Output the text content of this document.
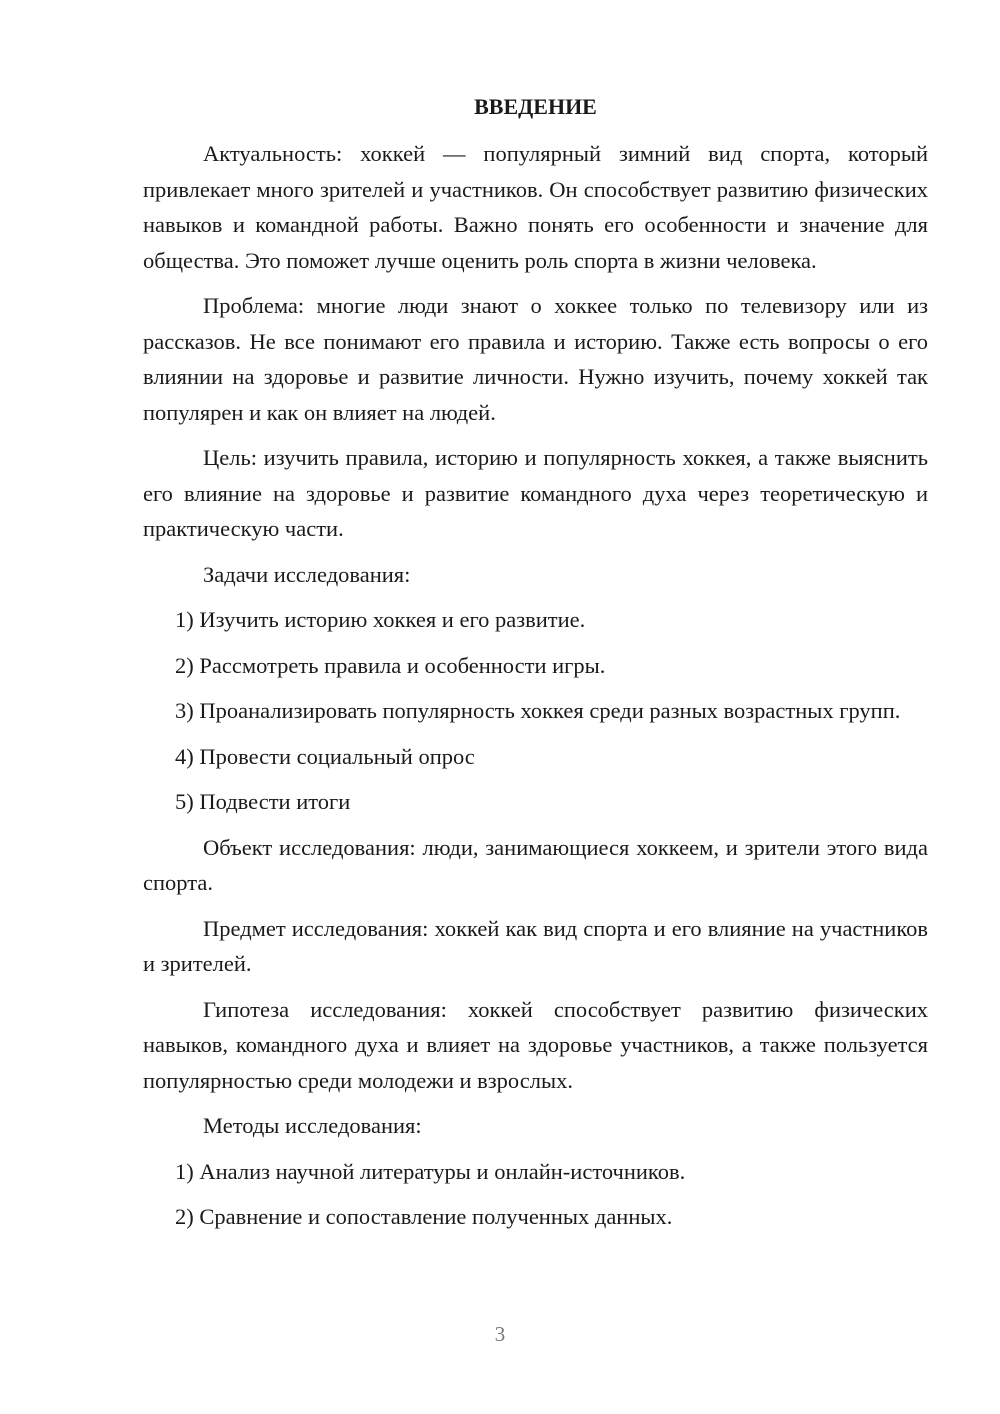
ВВЕДЕНИЕ

Актуальность: хоккей — популярный зимний вид спорта, который привлекает много зрителей и участников. Он способствует развитию физических навыков и командной работы. Важно понять его особенности и значение для общества. Это поможет лучше оценить роль спорта в жизни человека.

Проблема: многие люди знают о хоккее только по телевизору или из рассказов. Не все понимают его правила и историю. Также есть вопросы о его влиянии на здоровье и развитие личности. Нужно изучить, почему хоккей так популярен и как он влияет на людей.

Цель: изучить правила, историю и популярность хоккея, а также выяснить его влияние на здоровье и развитие командного духа через теоретическую и практическую части.

Задачи исследования:

1) Изучить историю хоккея и его развитие.

2) Рассмотреть правила и особенности игры.

3) Проанализировать популярность хоккея среди разных возрастных групп.

4) Провести социальный опрос

5) Подвести итоги

Объект исследования: люди, занимающиеся хоккеем, и зрители этого вида спорта.

Предмет исследования: хоккей как вид спорта и его влияние на участников и зрителей.

Гипотеза исследования: хоккей способствует развитию физических навыков, командного духа и влияет на здоровье участников, а также пользуется популярностью среди молодежи и взрослых.

Методы исследования:

1) Анализ научной литературы и онлайн-источников.

2) Сравнение и сопоставление полученных данных.

3
